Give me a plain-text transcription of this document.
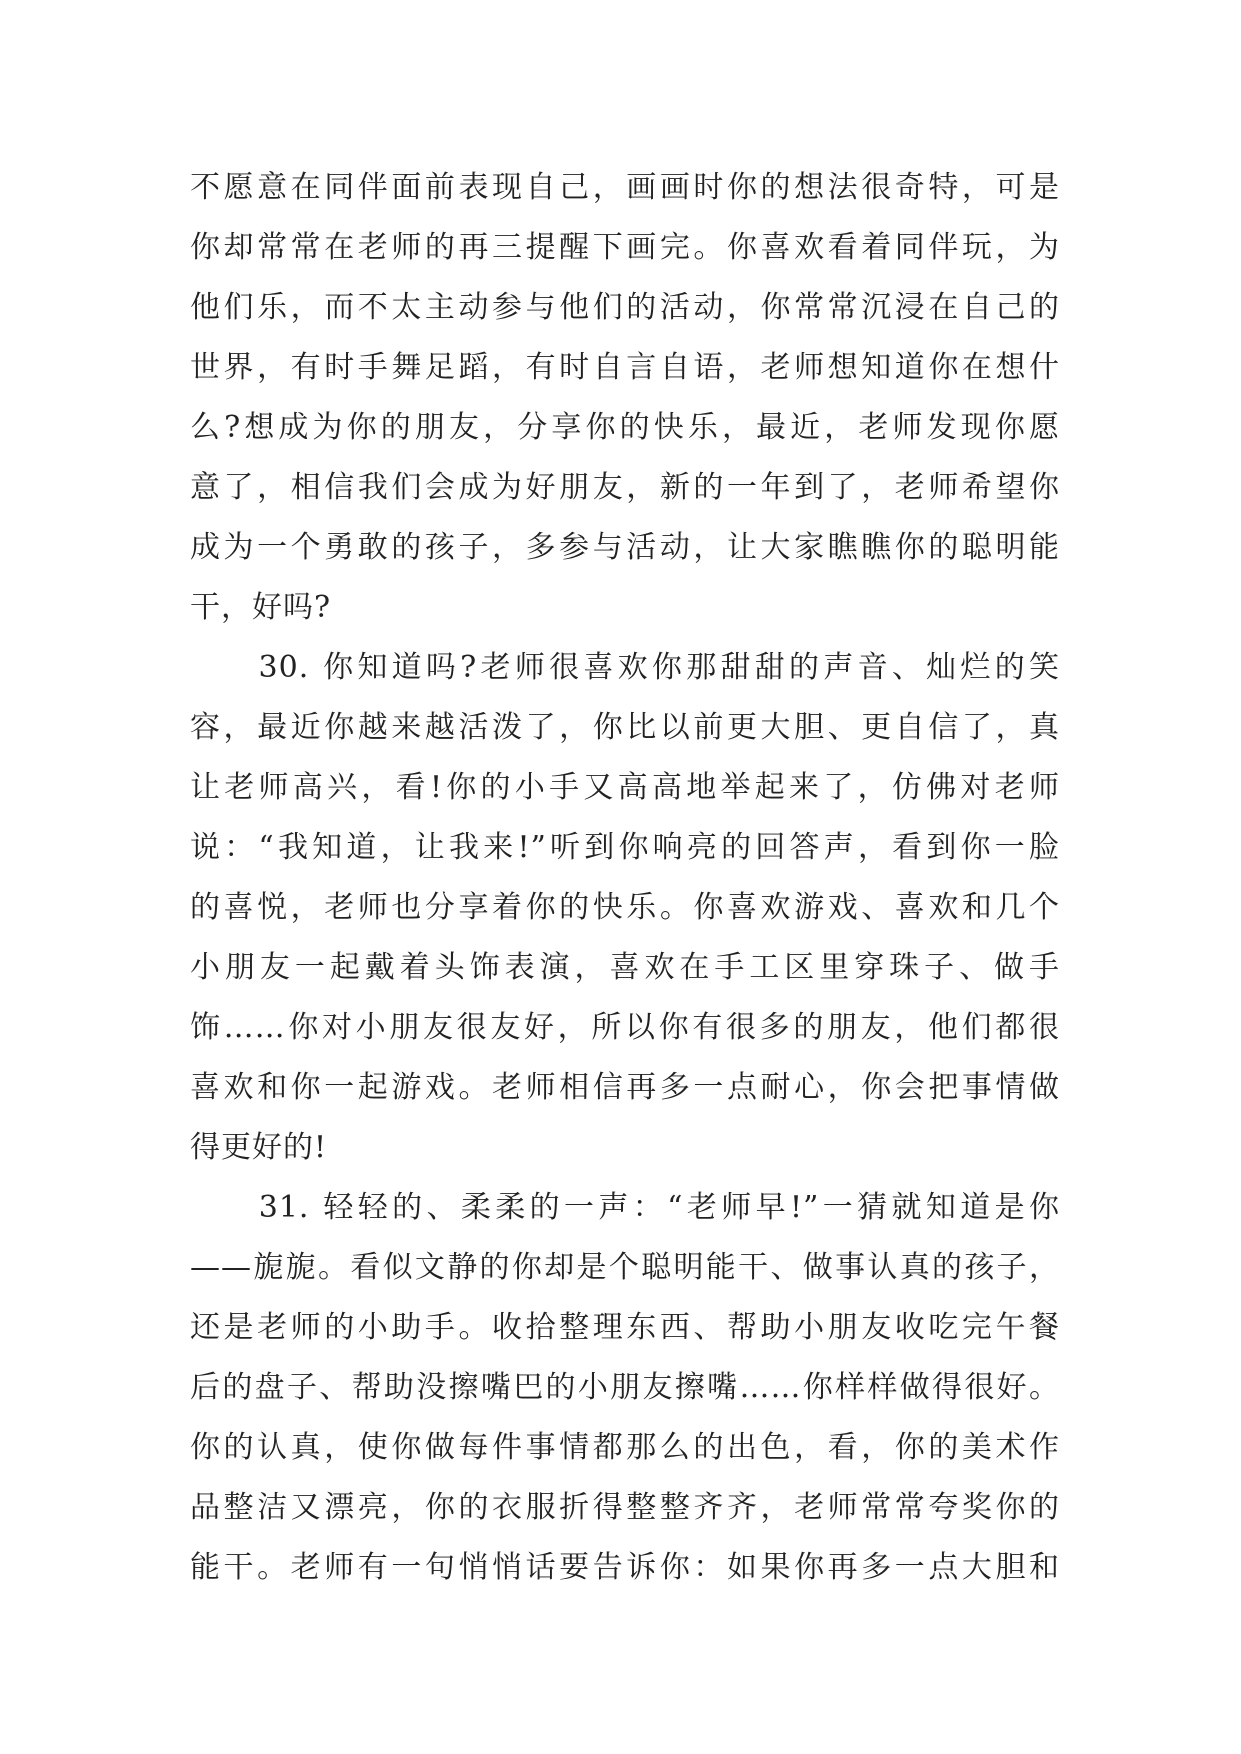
不愿意在同伴面前表现自己，画画时你的想法很奇特，可是
你却常常在老师的再三提醒下画完。你喜欢看着同伴玩，为
他们乐，而不太主动参与他们的活动，你常常沉浸在自己的
世界，有时手舞足蹈，有时自言自语，老师想知道你在想什
么?想成为你的朋友，分享你的快乐，最近，老师发现你愿
意了，相信我们会成为好朋友，新的一年到了，老师希望你
成为一个勇敢的孩子，多参与活动，让大家瞧瞧你的聪明能
干，好吗?
　　30. 你知道吗?老师很喜欢你那甜甜的声音、灿烂的笑
容，最近你越来越活泼了，你比以前更大胆、更自信了，真
让老师高兴，看!你的小手又高高地举起来了，仿佛对老师
说：“我知道，让我来!”听到你响亮的回答声，看到你一脸
的喜悦，老师也分享着你的快乐。你喜欢游戏、喜欢和几个
小朋友一起戴着头饰表演，喜欢在手工区里穿珠子、做手
饰……你对小朋友很友好，所以你有很多的朋友，他们都很
喜欢和你一起游戏。老师相信再多一点耐心，你会把事情做
得更好的!
　　31. 轻轻的、柔柔的一声：“老师早!”一猜就知道是你
——旎旎。看似文静的你却是个聪明能干、做事认真的孩子，
还是老师的小助手。收拾整理东西、帮助小朋友收吃完午餐
后的盘子、帮助没擦嘴巴的小朋友擦嘴……你样样做得很好。
你的认真，使你做每件事情都那么的出色，看，你的美术作
品整洁又漂亮，你的衣服折得整整齐齐，老师常常夸奖你的
能干。老师有一句悄悄话要告诉你：如果你再多一点大胆和
